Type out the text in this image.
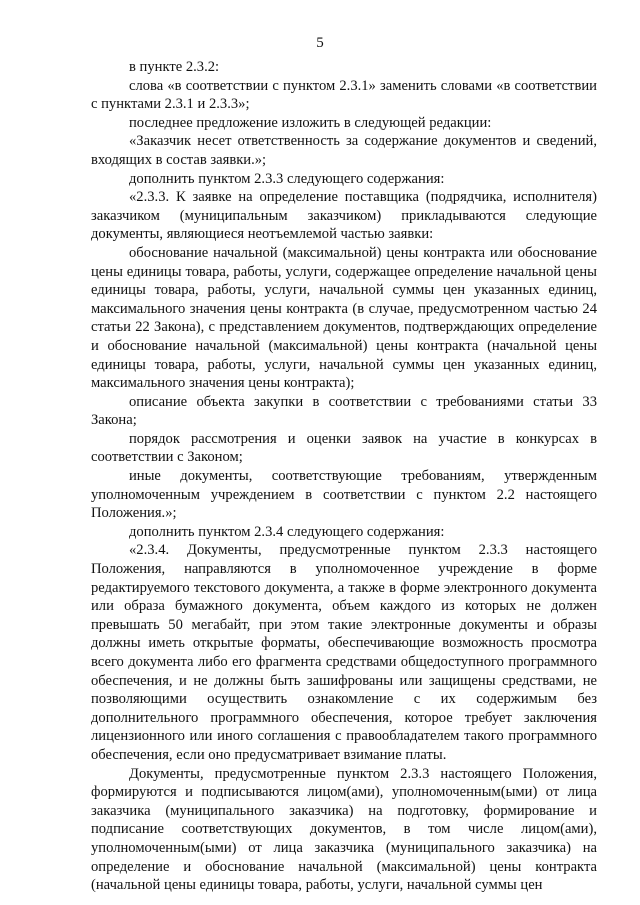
5

в пункте 2.3.2:

слова «в соответствии с пунктом 2.3.1» заменить словами «в соответствии с пунктами 2.3.1 и 2.3.3»;

последнее предложение изложить в следующей редакции:

«Заказчик несет ответственность за содержание документов и сведений, входящих в состав заявки.»;

дополнить пунктом 2.3.3 следующего содержания:

«2.3.3. К заявке на определение поставщика (подрядчика, исполнителя) заказчиком (муниципальным заказчиком) прикладываются следующие документы, являющиеся неотъемлемой частью заявки:

обоснование начальной (максимальной) цены контракта или обоснование цены единицы товара, работы, услуги, содержащее определение начальной цены единицы товара, работы, услуги, начальной суммы цен указанных единиц, максимального значения цены контракта (в случае, предусмотренном частью 24 статьи 22 Закона), с представлением документов, подтверждающих определение и обоснование начальной (максимальной) цены контракта (начальной цены единицы товара, работы, услуги, начальной суммы цен указанных единиц, максимального значения цены контракта);

описание объекта закупки в соответствии с требованиями статьи 33 Закона;

порядок рассмотрения и оценки заявок на участие в конкурсах в соответствии с Законом;

иные документы, соответствующие требованиям, утвержденным уполномоченным учреждением в соответствии с пунктом 2.2 настоящего Положения.»;

дополнить пунктом 2.3.4 следующего содержания:

«2.3.4. Документы, предусмотренные пунктом 2.3.3 настоящего Положения, направляются в уполномоченное учреждение в форме редактируемого текстового документа, а также в форме электронного документа или образа бумажного документа, объем каждого из которых не должен превышать 50 мегабайт, при этом такие электронные документы и образы должны иметь открытые форматы, обеспечивающие возможность просмотра всего документа либо его фрагмента средствами общедоступного программного обеспечения, и не должны быть зашифрованы или защищены средствами, не позволяющими осуществить ознакомление с их содержимым без дополнительного программного обеспечения, которое требует заключения лицензионного или иного соглашения с правообладателем такого программного обеспечения, если оно предусматривает взимание платы.

Документы, предусмотренные пунктом 2.3.3 настоящего Положения, формируются и подписываются лицом(ами), уполномоченным(ыми) от лица заказчика (муниципального заказчика) на подготовку, формирование и подписание соответствующих документов, в том числе лицом(ами), уполномоченным(ыми) от лица заказчика (муниципального заказчика) на определение и обоснование начальной (максимальной) цены контракта (начальной цены единицы товара, работы, услуги, начальной суммы цен
